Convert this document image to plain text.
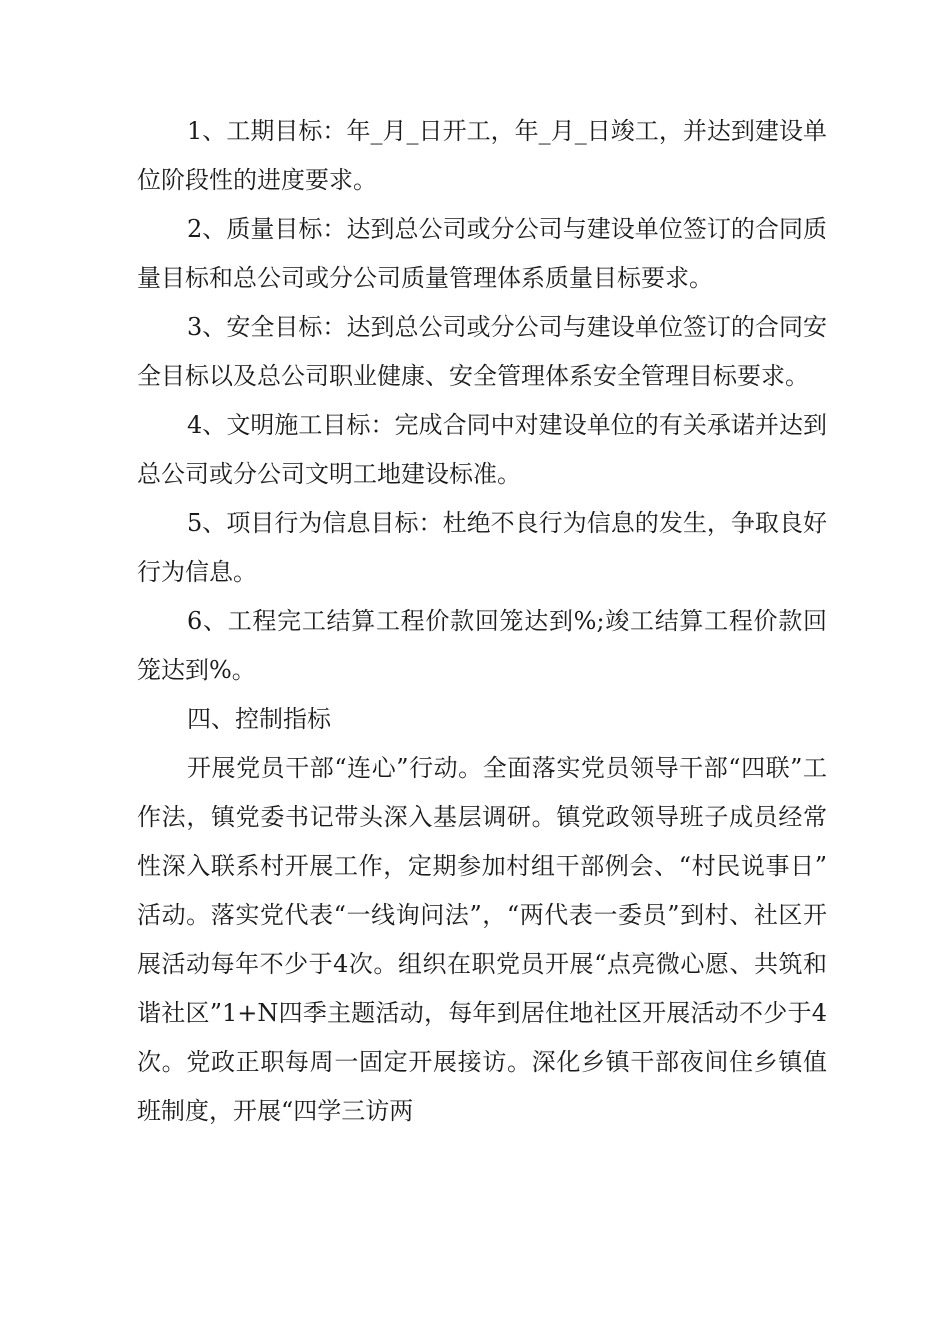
1、工期目标：年_月_日开工，年_月_日竣工，并达到建设单位阶段性的进度要求。

2、质量目标：达到总公司或分公司与建设单位签订的合同质量目标和总公司或分公司质量管理体系质量目标要求。

3、安全目标：达到总公司或分公司与建设单位签订的合同安全目标以及总公司职业健康、安全管理体系安全管理目标要求。

4、文明施工目标：完成合同中对建设单位的有关承诺并达到总公司或分公司文明工地建设标准。

5、项目行为信息目标：杜绝不良行为信息的发生，争取良好行为信息。

6、工程完工结算工程价款回笼达到%;竣工结算工程价款回笼达到%。

四、控制指标

开展党员干部“连心”行动。全面落实党员领导干部“四联”工作法，镇党委书记带头深入基层调研。镇党政领导班子成员经常性深入联系村开展工作，定期参加村组干部例会、“村民说事日”活动。落实党代表“一线询问法”，“两代表一委员”到村、社区开展活动每年不少于4次。组织在职党员开展“点亮微心愿、共筑和谐社区”1+N四季主题活动，每年到居住地社区开展活动不少于4次。党政正职每周一固定开展接访。深化乡镇干部夜间住乡镇值班制度，开展“四学三访两
